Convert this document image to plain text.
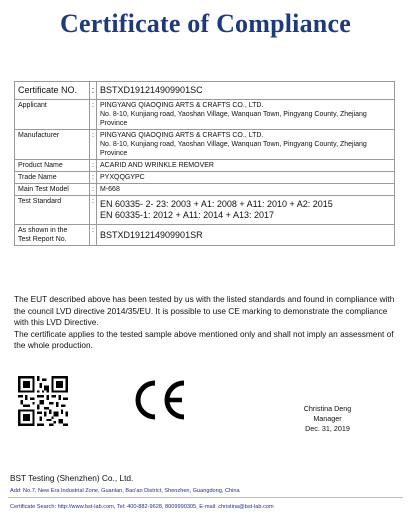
Certificate of Compliance
Certificate NO.	:	BSTXD191214909901SC
Applicant	:	PINGYANG QIAOQING ARTS & CRAFTS CO., LTD.
No. 8-10, Kunjiang road, Yaoshan Village, Wanquan Town, Pingyang County, Zhejiang Province

Manufacturer	:	PINGYANG QIAOQING ARTS & CRAFTS CO., LTD.
No. 8-10, Kunjiang road, Yaoshan Village, Wanquan Town, Pingyang County, Zhejiang Province

Product Name	:	ACARID AND WRINKLE REMOVER
Trade Name	:	PYXQQGYPC
Main Test Model	:	M-668
Test Standard	:	EN 60335- 2- 23: 2003 + A1: 2008 + A11: 2010 + A2: 2015
EN 60335-1: 2012 + A11: 2014 + A13: 2017

As shown in the
Test Report No.	:	BSTXD191214909901SR

The EUT described above has been tested by us with the listed standards and found in compliance with the council LVD directive 2014/35/EU. It is possible to use CE marking to demonstrate the compliance with this LVD Directive.

The certificate applies to the tested sample above mentioned only and shall not imply an assessment of the whole production.

Christina Deng
Manager
Dec. 31, 2019
BST Testing (Shenzhen) Co., Ltd.
Add: No.7, New Era Industrial Zone, Guanlan, Bao'an District, Shenzhen, Guangdong, China
Certificate Search: http://www.bst-lab.com, Tel: 400-882-9628, 8009990305, E-mail: christina@bst-lab.com
